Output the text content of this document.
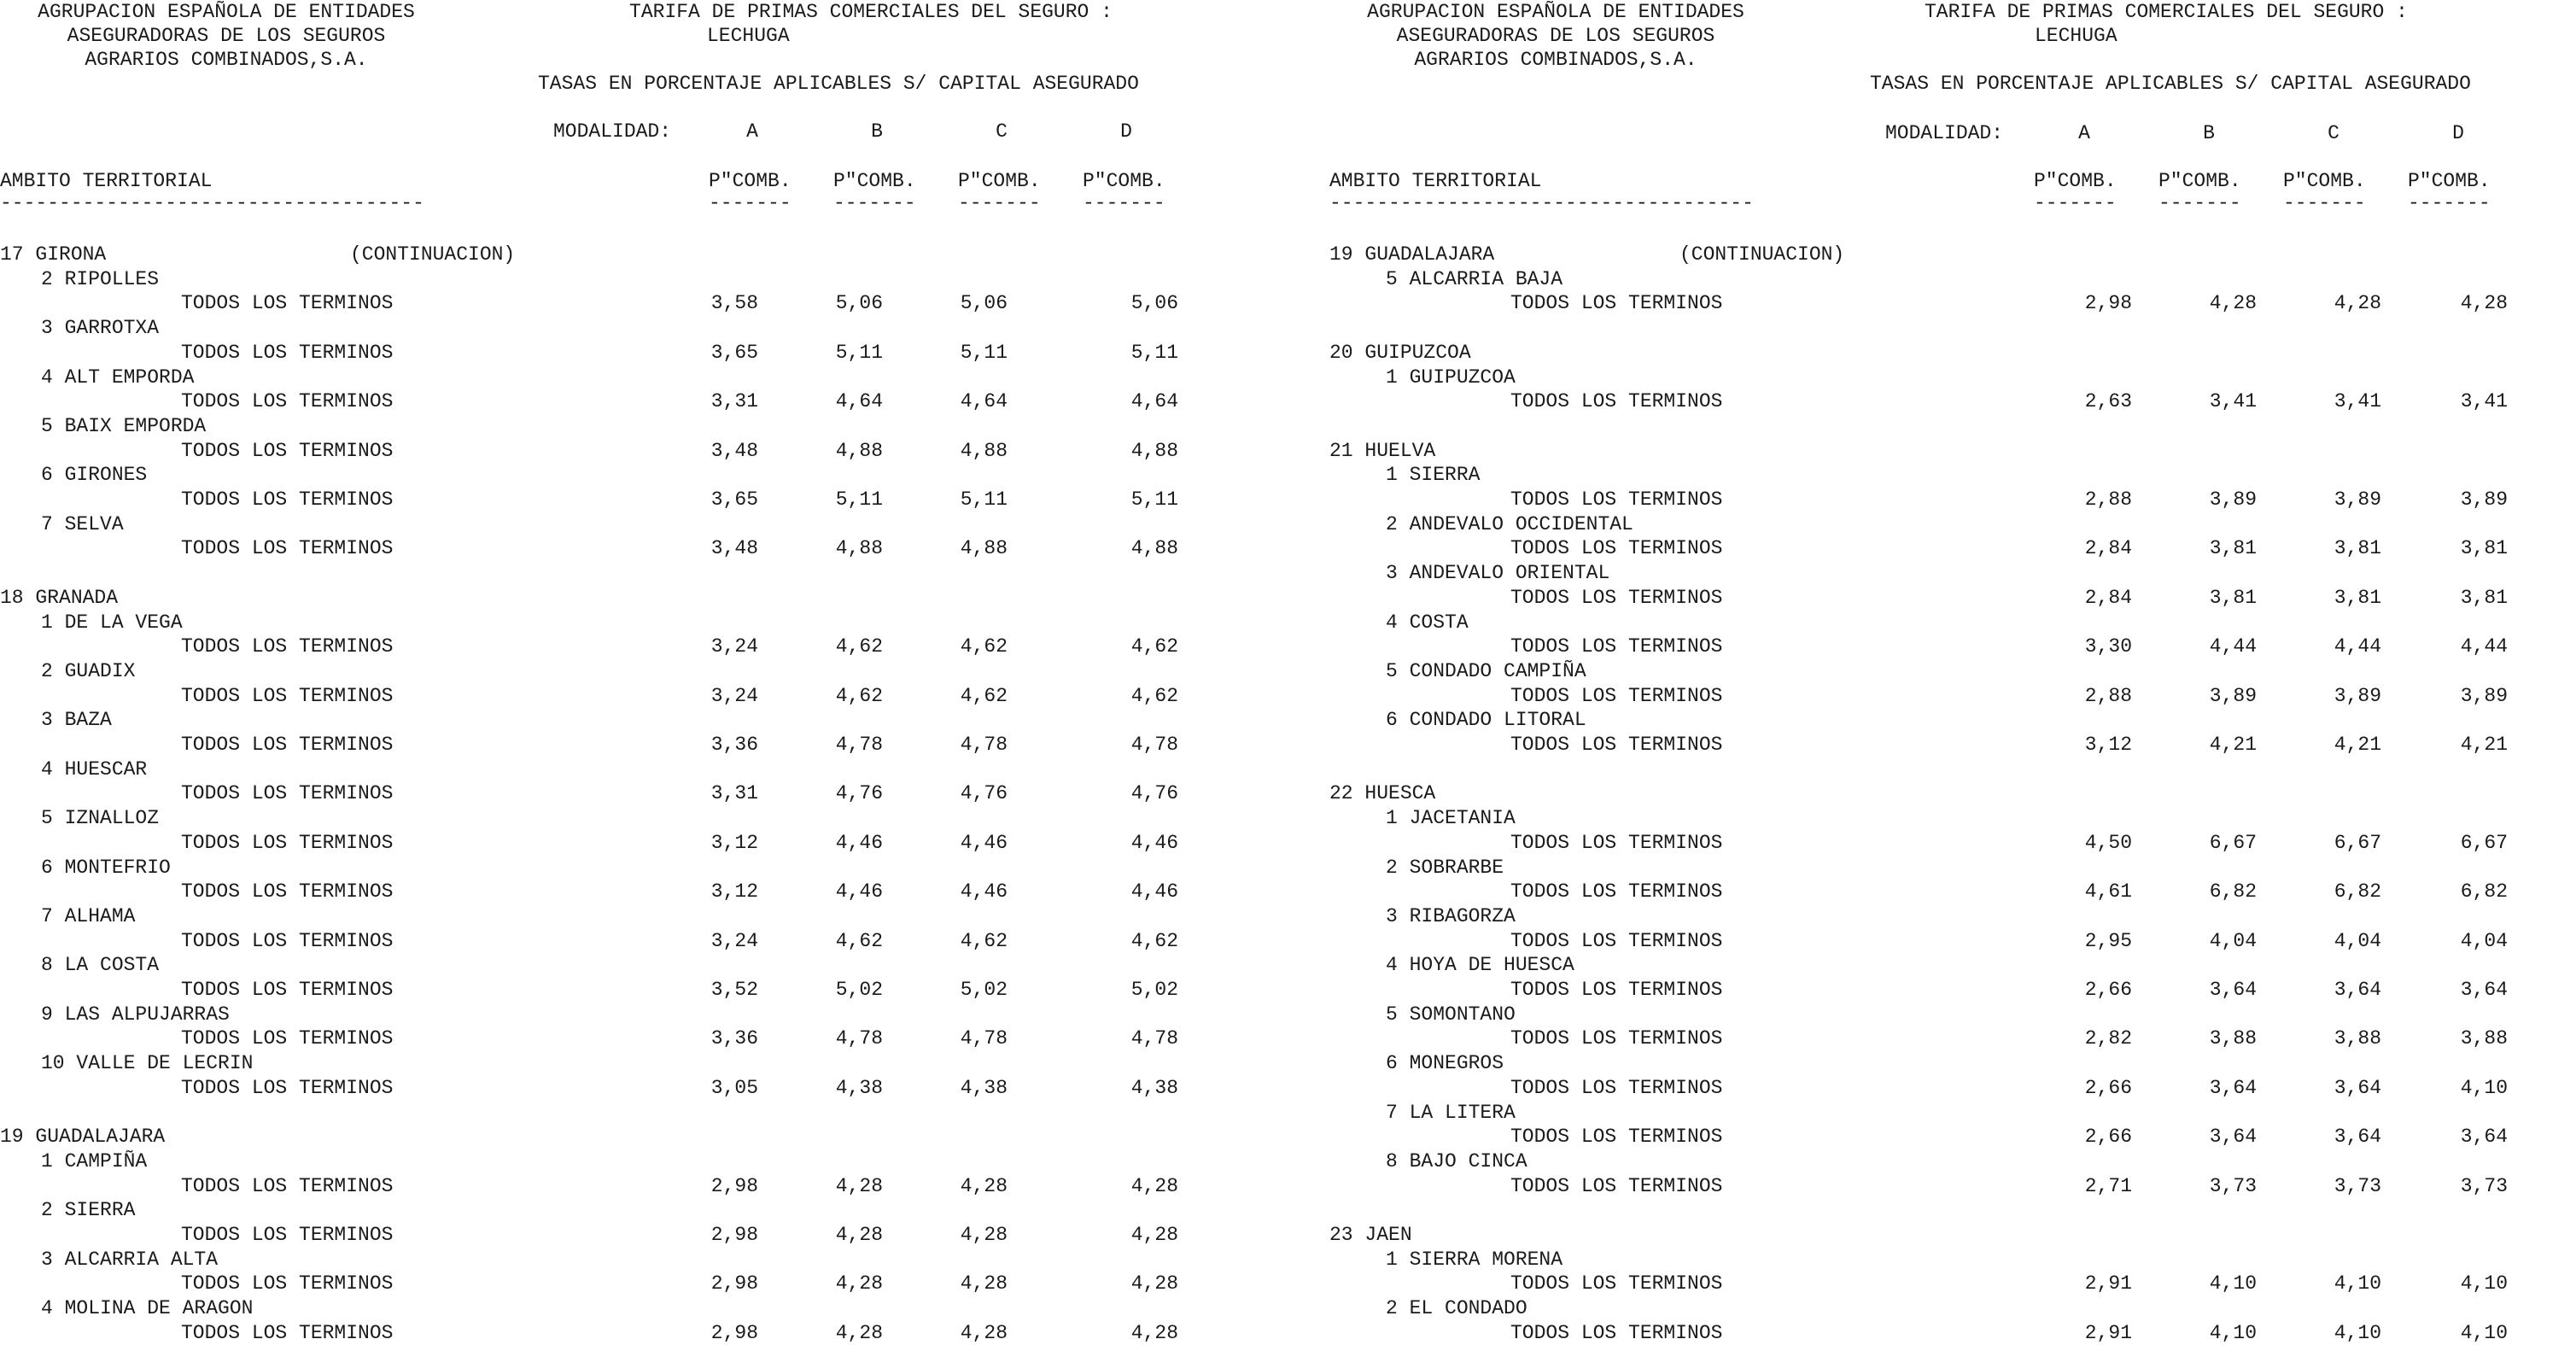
AGRUPACION ESPAÑOLA DE ENTIDADES
ASEGURADORAS DE LOS SEGUROS
AGRARIOS COMBINADOS,S.A.
TARIFA DE PRIMAS COMERCIALES DEL SEGURO :
LECHUGA
TASAS EN PORCENTAJE APLICABLES S/ CAPITAL ASEGURADO
MODALIDAD:	A	B	C	D
AMBITO TERRITORIAL
------------------------------------
P"COMB. P"COMB. P"COMB. P"COMB.
------- ------- ------- -------
17 GIRONA	(CONTINUACION)
2 RIPOLLES
TODOS LOS TERMINOS	3,58	5,06	5,06	5,06
3 GARROTXA
TODOS LOS TERMINOS	3,65	5,11	5,11	5,11
4 ALT EMPORDA
TODOS LOS TERMINOS	3,31	4,64	4,64	4,64
5 BAIX EMPORDA
TODOS LOS TERMINOS	3,48	4,88	4,88	4,88
6 GIRONES
TODOS LOS TERMINOS	3,65	5,11	5,11	5,11
7 SELVA
TODOS LOS TERMINOS	3,48	4,88	4,88	4,88
18 GRANADA
1 DE LA VEGA
TODOS LOS TERMINOS	3,24	4,62	4,62	4,62
2 GUADIX
TODOS LOS TERMINOS	3,24	4,62	4,62	4,62
3 BAZA
TODOS LOS TERMINOS	3,36	4,78	4,78	4,78
4 HUESCAR
TODOS LOS TERMINOS	3,31	4,76	4,76	4,76
5 IZNALLOZ
TODOS LOS TERMINOS	3,12	4,46	4,46	4,46
6 MONTEFRIO
TODOS LOS TERMINOS	3,12	4,46	4,46	4,46
7 ALHAMA
TODOS LOS TERMINOS	3,24	4,62	4,62	4,62
8 LA COSTA
TODOS LOS TERMINOS	3,52	5,02	5,02	5,02
9 LAS ALPUJARRAS
TODOS LOS TERMINOS	3,36	4,78	4,78	4,78
10 VALLE DE LECRIN
TODOS LOS TERMINOS	3,05	4,38	4,38	4,38
19 GUADALAJARA
1 CAMPIÑA
TODOS LOS TERMINOS	2,98	4,28	4,28	4,28
2 SIERRA
TODOS LOS TERMINOS	2,98	4,28	4,28	4,28
3 ALCARRIA ALTA
TODOS LOS TERMINOS	2,98	4,28	4,28	4,28
4 MOLINA DE ARAGON
TODOS LOS TERMINOS	2,98	4,28	4,28	4,28
AGRUPACION ESPAÑOLA DE ENTIDADES
ASEGURADORAS DE LOS SEGUROS
AGRARIOS COMBINADOS,S.A.
TARIFA DE PRIMAS COMERCIALES DEL SEGURO :
LECHUGA
TASAS EN PORCENTAJE APLICABLES S/ CAPITAL ASEGURADO
MODALIDAD:	A	B	C	D
AMBITO TERRITORIAL
------------------------------------
P"COMB. P"COMB. P"COMB. P"COMB.
------- ------- ------- -------
19 GUADALAJARA	(CONTINUACION)
5 ALCARRIA BAJA
TODOS LOS TERMINOS	2,98	4,28	4,28	4,28
20 GUIPUZCOA
1 GUIPUZCOA
TODOS LOS TERMINOS	2,63	3,41	3,41	3,41
21 HUELVA
1 SIERRA
TODOS LOS TERMINOS	2,88	3,89	3,89	3,89
2 ANDEVALO OCCIDENTAL
TODOS LOS TERMINOS	2,84	3,81	3,81	3,81
3 ANDEVALO ORIENTAL
TODOS LOS TERMINOS	2,84	3,81	3,81	3,81
4 COSTA
TODOS LOS TERMINOS	3,30	4,44	4,44	4,44
5 CONDADO CAMPIÑA
TODOS LOS TERMINOS	2,88	3,89	3,89	3,89
6 CONDADO LITORAL
TODOS LOS TERMINOS	3,12	4,21	4,21	4,21
22 HUESCA
1 JACETANIA
TODOS LOS TERMINOS	4,50	6,67	6,67	6,67
2 SOBRARBE
TODOS LOS TERMINOS	4,61	6,82	6,82	6,82
3 RIBAGORZA
TODOS LOS TERMINOS	2,95	4,04	4,04	4,04
4 HOYA DE HUESCA
TODOS LOS TERMINOS	2,66	3,64	3,64	3,64
5 SOMONTANO
TODOS LOS TERMINOS	2,82	3,88	3,88	3,88
6 MONEGROS
TODOS LOS TERMINOS	2,66	3,64	3,64	4,10
7 LA LITERA
TODOS LOS TERMINOS	2,66	3,64	3,64	3,64
8 BAJO CINCA
TODOS LOS TERMINOS	2,71	3,73	3,73	3,73
23 JAEN
1 SIERRA MORENA
TODOS LOS TERMINOS	2,91	4,10	4,10	4,10
2 EL CONDADO
TODOS LOS TERMINOS	2,91	4,10	4,10	4,10
